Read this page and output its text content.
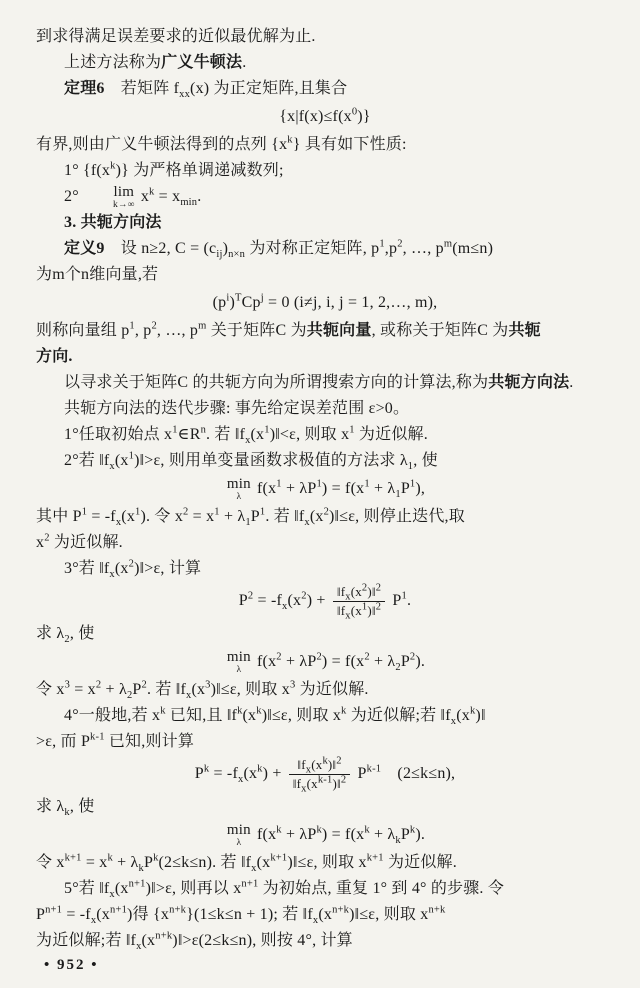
到求得满足误差要求的近似最优解为止.
上述方法称为广义牛顿法.
定理6　若矩阵 $f_{xx}(x)$ 为正定矩阵,且集合
$\{x|f(x)\le f(x^0)\}$
有界,则由广义牛顿法得到的点列 $\{x^k\}$ 具有如下性质:
1° $\{f(x^k)\}$ 为严格单调递减数列;
2°	lim
k→∞ $x^k = x_{min}$.
3. 共轭方向法
定义9　设 n≥2, $C = (c_{ij})_{n\times n}$ 为对称正定矩阵, $p^1,p^2$, …, $p^m(m\le n)$
为m个n维向量,若
$(p^i)^TCp^j = 0$ (i≠j, i, j = 1, 2,…, m),
则称向量组 $p^1$, $p^2$, …, $p^m$ 关于矩阵C 为共轭向量, 或称关于矩阵C 为共轭
方向.
以寻求关于矩阵C 的共轭方向为所谓搜索方向的计算法,称为共轭方向法.
共轭方向法的迭代步骤: 事先给定误差范围 ε>0。
1°任取初始点 $x^1\in R^n$. 若 $‖f_x(x^1)‖<\varepsilon$, 则取 $x^1$ 为近似解.
2°若 $‖f_x(x^1)‖>\varepsilon$, 则用单变量函数求极值的方法求 $\lambda_1$, 使
min
λ $f(x^1 + \lambda P^1) = f(x^1 + \lambda_1P^1)$,
其中 $P^1 = -f_x(x^1)$. 令 $x^2 = x^1 + \lambda_1P^1$. 若 $‖f_x(x^2)‖\le\varepsilon$, 则停止迭代,取
$x^2$ 为近似解.
3°若 $‖f_x(x^2)‖>\varepsilon$, 计算
$P^2 = -f_x(x^2) + \frac{‖f_x(x^2)‖^2}{‖f_x(x^1)‖^2} P^1$.
求 $\lambda_2$, 使
min
λ $f(x^2 + \lambda P^2) = f(x^2 + \lambda_2P^2)$.
令 $x^3 = x^2 + \lambda_2P^2$. 若 $‖f_x(x^3)‖\le\varepsilon$, 则取 $x^3$ 为近似解.
4°一般地,若 $x^k$ 已知,且 $‖f^k(x^k)‖\le\varepsilon$, 则取 $x^k$ 为近似解;若 $‖f_x(x^k)‖$
>ε, 而 $P^{k-1}$ 已知,则计算
$P^k = -f_x(x^k) + \frac{‖f_x(x^k)‖^2}{‖f_x(x^{k-1})‖^2} P^{k-1}$　(2≤k≤n),
求 $\lambda_k$, 使
min
λ $f(x^k + \lambda P^k) = f(x^k + \lambda_kP^k)$.
令 $x^{k+1} = x^k + \lambda_kP^k(2\le k\le n)$. 若 $‖f_x(x^{k+1})‖\le\varepsilon$, 则取 $x^{k+1}$ 为近似解.
5°若 $‖f_x(x^{n+1})‖>\varepsilon$, 则再以 $x^{n+1}$ 为初始点, 重复 1° 到 4° 的步骤. 令
$P^{n+1} = -f_x(x^{n+1})$得 $\{x^{n+k}\}(1\le k\le n + 1)$; 若 $‖f_x(x^{n+k})‖\le\varepsilon$, 则取 $x^{n+k}$
为近似解;若 $‖f_x(x^{n+k})‖>\varepsilon(2\le k\le n)$, 则按 4°, 计算
• 952 •
